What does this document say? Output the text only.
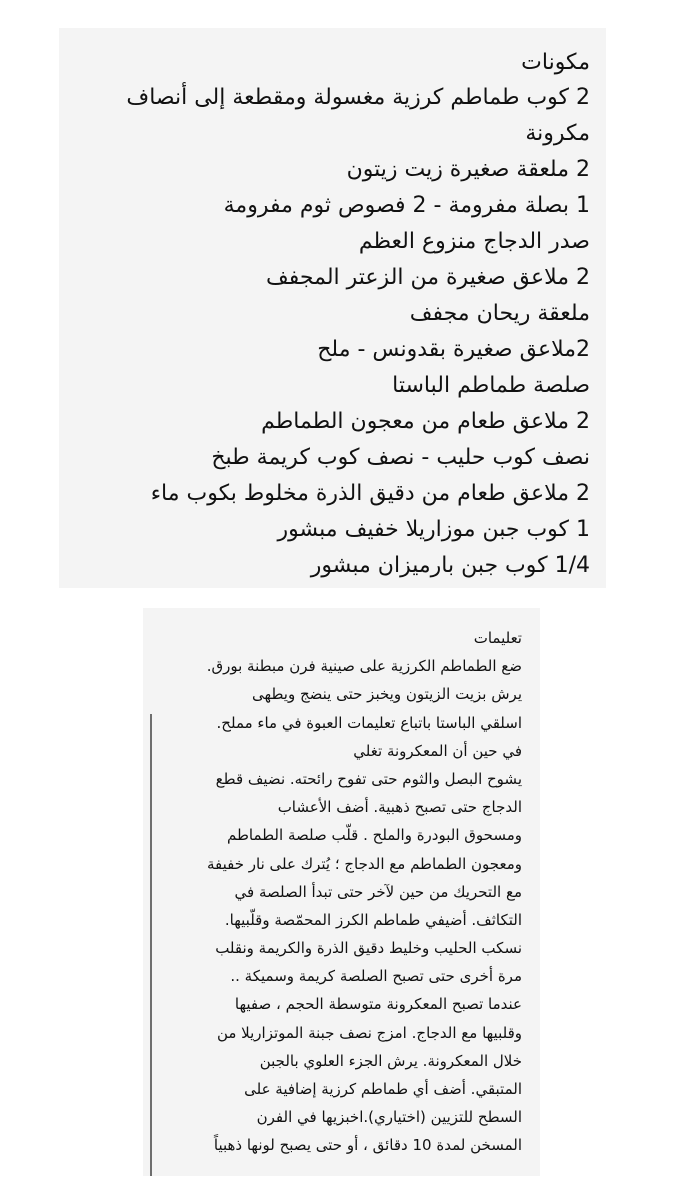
مكونات
2 كوب طماطم كرزية مغسولة ومقطعة إلى أنصاف
مكرونة
2 ملعقة صغيرة زيت زيتون
1 بصلة مفرومة - 2 فصوص ثوم مفرومة
صدر الدجاج منزوع العظم
2 ملاعق صغيرة من الزعتر المجفف
ملعقة ريحان مجفف
2ملاعق صغيرة بقدونس - ملح
صلصة طماطم الباستا
2 ملاعق طعام من معجون الطماطم
نصف كوب حليب - نصف كوب كريمة طبخ
2 ملاعق طعام من دقيق الذرة مخلوط بكوب ماء
1 كوب جبن موزاريلا خفيف مبشور
1/4 كوب جبن بارميزان مبشور
تعليمات
ضع الطماطم الكرزية على صينية فرن مبطنة بورق.
يرش بزيت الزيتون ويخبز حتى ينضج ويطهى
اسلقي الباستا باتباع تعليمات العبوة في ماء مملح.
في حين أن المعكرونة تغلي
يشوح البصل والثوم حتى تفوح رائحته. نضيف قطع
الدجاج حتى تصبح ذهبية. أضف الأعشاب
ومسحوق البودرة والملح . قلّب صلصة الطماطم
ومعجون الطماطم مع الدجاج ؛ يُترك على نار خفيفة
مع التحريك من حين لآخر حتى تبدأ الصلصة في
التكاثف. أضيفي طماطم الكرز المحمّصة وقلّبيها.
نسكب الحليب وخليط دقيق الذرة والكريمة ونقلب
مرة أخرى حتى تصبح الصلصة كريمة وسميكة ..
عندما تصبح المعكرونة متوسطة الحجم ، صفيها
وقلبيها مع الدجاج. امزج نصف جبنة الموتزاريلا من
خلال المعكرونة. يرش الجزء العلوي بالجبن
المتبقي. أضف أي طماطم كرزية إضافية على
السطح للتزيين (اختياري).اخبزيها في الفرن
المسخن لمدة 10 دقائق ، أو حتى يصبح لونها ذهبياً
